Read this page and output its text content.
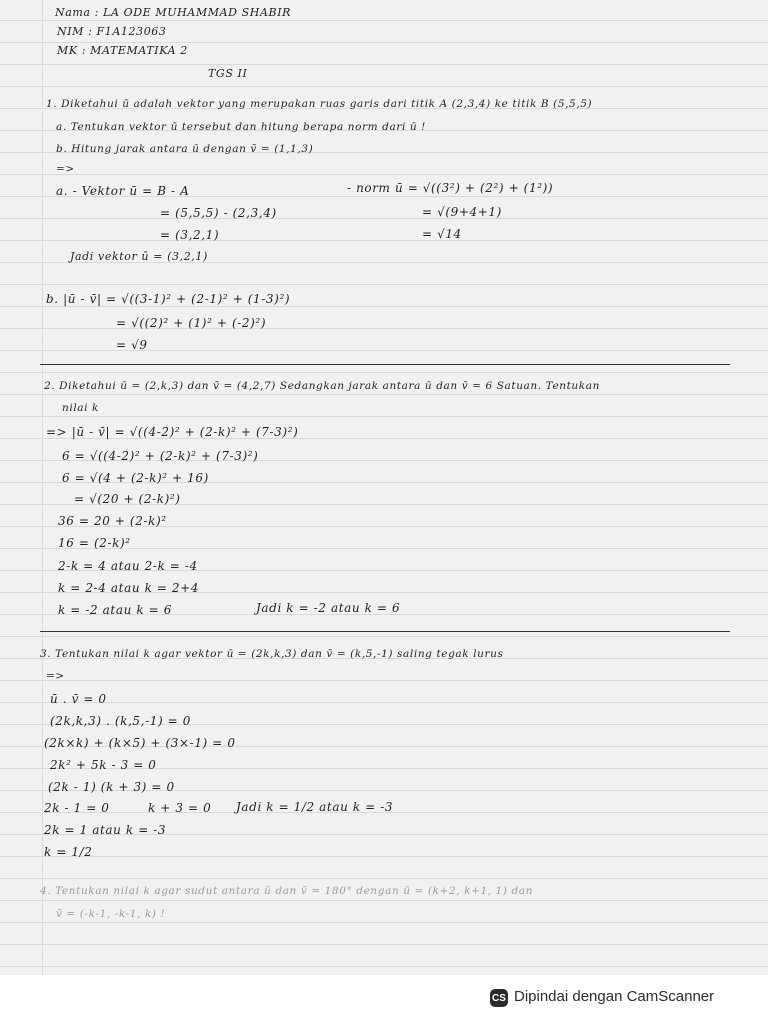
Nama : LA ODE MUHAMMAD SHABIR
NIM : F1A123063
MK : MATEMATIKA 2
TGS II
1. Diketahui ū adalah vektor yang merupakan ruas garis dari titik A (2,3,4) ke titik B (5,5,5)
a. Tentukan vektor ū tersebut dan hitung berapa norm dari ū !
b. Hitung jarak antara ū dengan v̄ = (1,1,3)
=>
a. - Vektor ū = B - A
= (5,5,5) - (2,3,4)
= (3,2,1)
Jadi vektor ū = (3,2,1)
- norm ū = √((3²) + (2²) + (1²))
= √(9+4+1)
= √14
b. |ū - v̄| = √((3-1)² + (2-1)² + (1-3)²)
= √((2)² + (1)² + (-2)²)
= √9
2. Diketahui ū = (2,k,3) dan v̄ = (4,2,7) Sedangkan jarak antara ū dan v̄ = 6 Satuan. Tentukan
nilai k
=> |ū - v̄| = √((4-2)² + (2-k)² + (7-3)²)
6 = √((4-2)² + (2-k)² + (7-3)²)
6 = √(4 + (2-k)² + 16)
= √(20 + (2-k)²)
36 = 20 + (2-k)²
16 = (2-k)²
2-k = 4 atau 2-k = -4
k = 2-4 atau k = 2+4
k = -2 atau k = 6	Jadi k = -2 atau k = 6
3. Tentukan nilai k agar vektor ū = (2k,k,3) dan v̄ = (k,5,-1) saling tegak lurus
=>
ū . v̄ = 0
(2k,k,3) . (k,5,-1) = 0
(2k×k) + (k×5) + (3×-1) = 0
2k² + 5k - 3 = 0
(2k - 1) (k + 3) = 0
2k - 1 = 0	k + 3 = 0 Jadi k = 1/2 atau k = -3
2k = 1 atau k = -3
k = 1/2
4. Tentukan nilai k agar sudut antara ū dan v̄ = 180° dengan ū = (k+2, k+1, 1) dan
v̄ = (-k-1, -k-1, k) !
CS Dipindai dengan CamScanner
